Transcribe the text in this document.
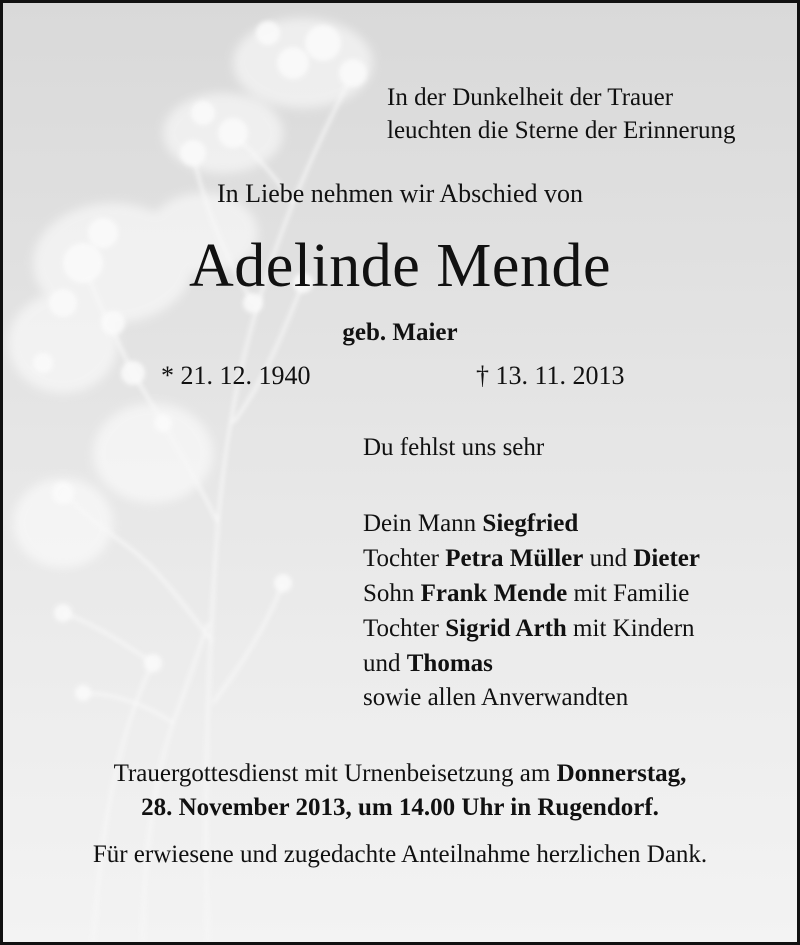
In der Dunkelheit der Trauer
leuchten die Sterne der Erinnerung
In Liebe nehmen wir Abschied von
Adelinde Mende
geb. Maier
* 21. 12. 1940	† 13. 11. 2013
Du fehlst uns sehr
Dein Mann Siegfried
Tochter Petra Müller und Dieter
Sohn Frank Mende mit Familie
Tochter Sigrid Arth mit Kindern
und Thomas
sowie allen Anverwandten
Trauergottesdienst mit Urnenbeisetzung am Donnerstag,
28. November 2013, um 14.00 Uhr in Rugendorf.
Für erwiesene und zugedachte Anteilnahme herzlichen Dank.
